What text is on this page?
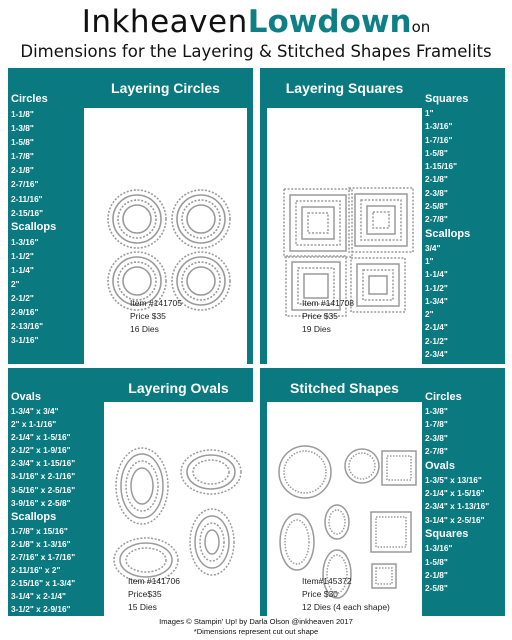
InkheavenLowdownon
Dimensions for the Layering & Stitched Shapes Framelits
Layering Circles
Circles
1-1/8"
1-3/8"
1-5/8"
1-7/8"
2-1/8"
2-7/16"
2-11/16"
2-15/16"
Scallops
1-3/16"
1-1/2"
1-1/4"
2"
2-1/2"
2-9/16"
2-13/16"
3-1/16"
Item #141705
Price $35
16 Dies
Layering Squares
Squares
1"
1-3/16"
1-7/16"
1-5/8"
1-15/16"
2-1/8"
2-3/8"
2-5/8"
2-7/8"
Scallops
3/4"
1"
1-1/4"
1-1/2"
1-3/4"
2"
2-1/4"
2-1/2"
2-3/4"
Item #141708
Price $35
19 Dies
Layering Ovals
Ovals
1-3/4" x 3/4"
2" x 1-1/16"
2-1/4" x 1-5/16"
2-1/2" x 1-9/16"
2-3/4" x 1-15/16"
3-1/16" x 2-1/16"
3-5/16" x 2-5/16"
3-9/16" x 2-5/8"
Scallops
1-7/8" x 15/16"
2-1/8" x 1-3/16"
2-7/16" x 1-7/16"
2-11/16" x 2"
2-15/16" x 1-3/4"
3-1/4" x 2-1/4"
3-1/2" x 2-9/16"
Item #141706
Price$35
15 Dies
Stitched Shapes
Circles
1-3/8"
1-7/8"
2-3/8"
2-7/8"
Ovals
1-3/5" x 13/16"
2-1/4" x 1-5/16"
2-3/4" x 1-13/16"
3-1/4" x 2-5/16"
Squares
1-3/16"
1-5/8"
2-1/8"
2-5/8"
Item#145372
Price $30
12 Dies (4 each shape)
Images © Stampin' Up! by Darla Olson @inkheaven 2017
*Dimensions represent cut out shape
